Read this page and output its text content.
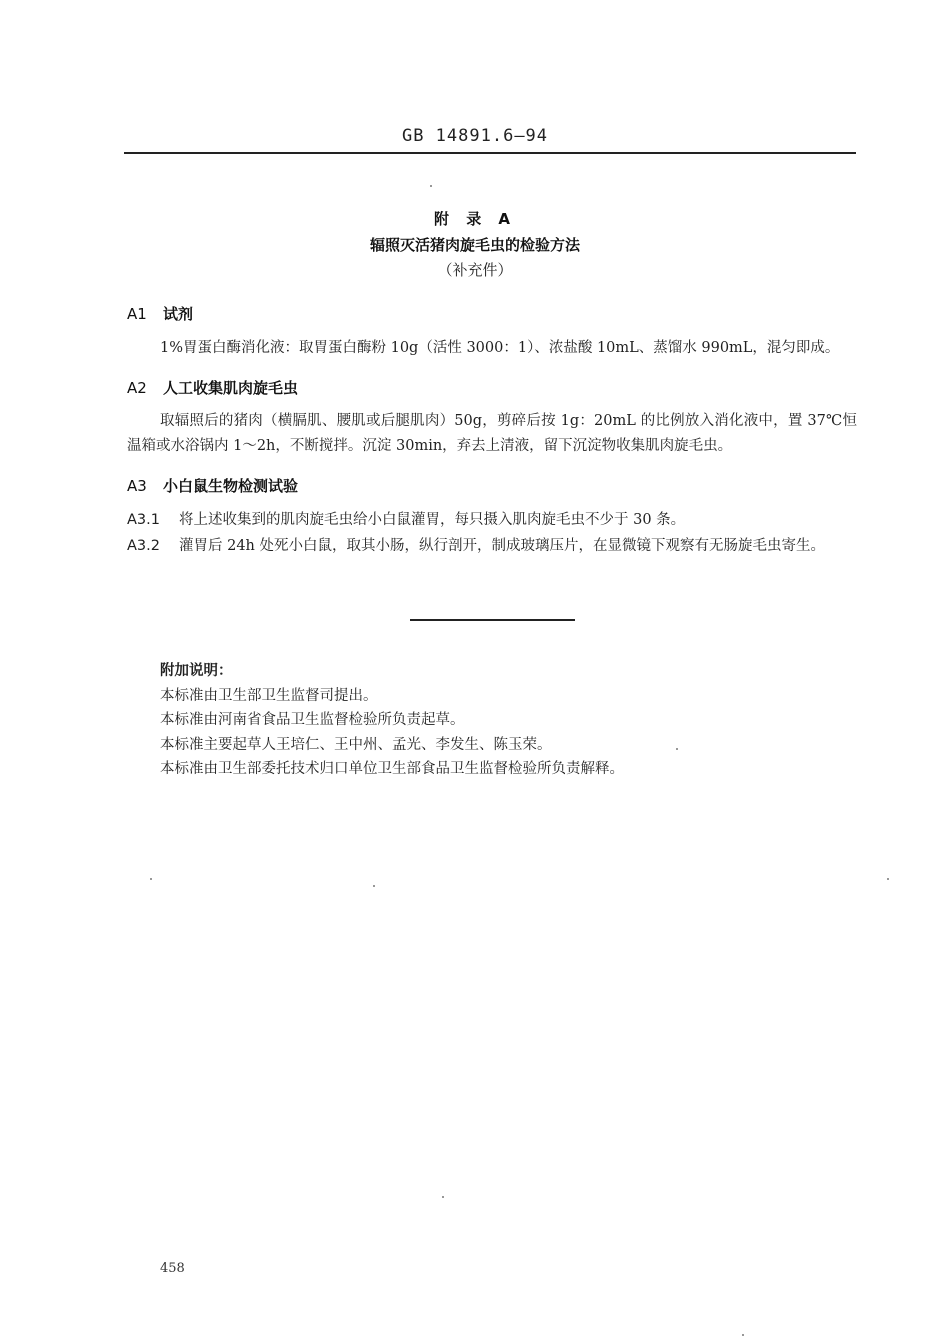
GB 14891.6—94
附 录 A
辐照灭活猪肉旋毛虫的检验方法
（补充件）
A1 试剂
1%胃蛋白酶消化液：取胃蛋白酶粉 10g（活性 3000：1）、浓盐酸 10mL、蒸馏水 990mL，混匀即成。
A2 人工收集肌肉旋毛虫
取辐照后的猪肉（横膈肌、腰肌或后腿肌肉）50g，剪碎后按 1g：20mL 的比例放入消化液中，置 37℃恒温箱或水浴锅内 1～2h，不断搅拌。沉淀 30min，弃去上清液，留下沉淀物收集肌肉旋毛虫。
A3 小白鼠生物检测试验
A3.1 将上述收集到的肌肉旋毛虫给小白鼠灌胃，每只摄入肌肉旋毛虫不少于 30 条。
A3.2 灌胃后 24h 处死小白鼠，取其小肠，纵行剖开，制成玻璃压片，在显微镜下观察有无肠旋毛虫寄生。
附加说明：
本标准由卫生部卫生监督司提出。
本标准由河南省食品卫生监督检验所负责起草。
本标准主要起草人王培仁、王中州、孟光、李发生、陈玉荣。
本标准由卫生部委托技术归口单位卫生部食品卫生监督检验所负责解释。
458
